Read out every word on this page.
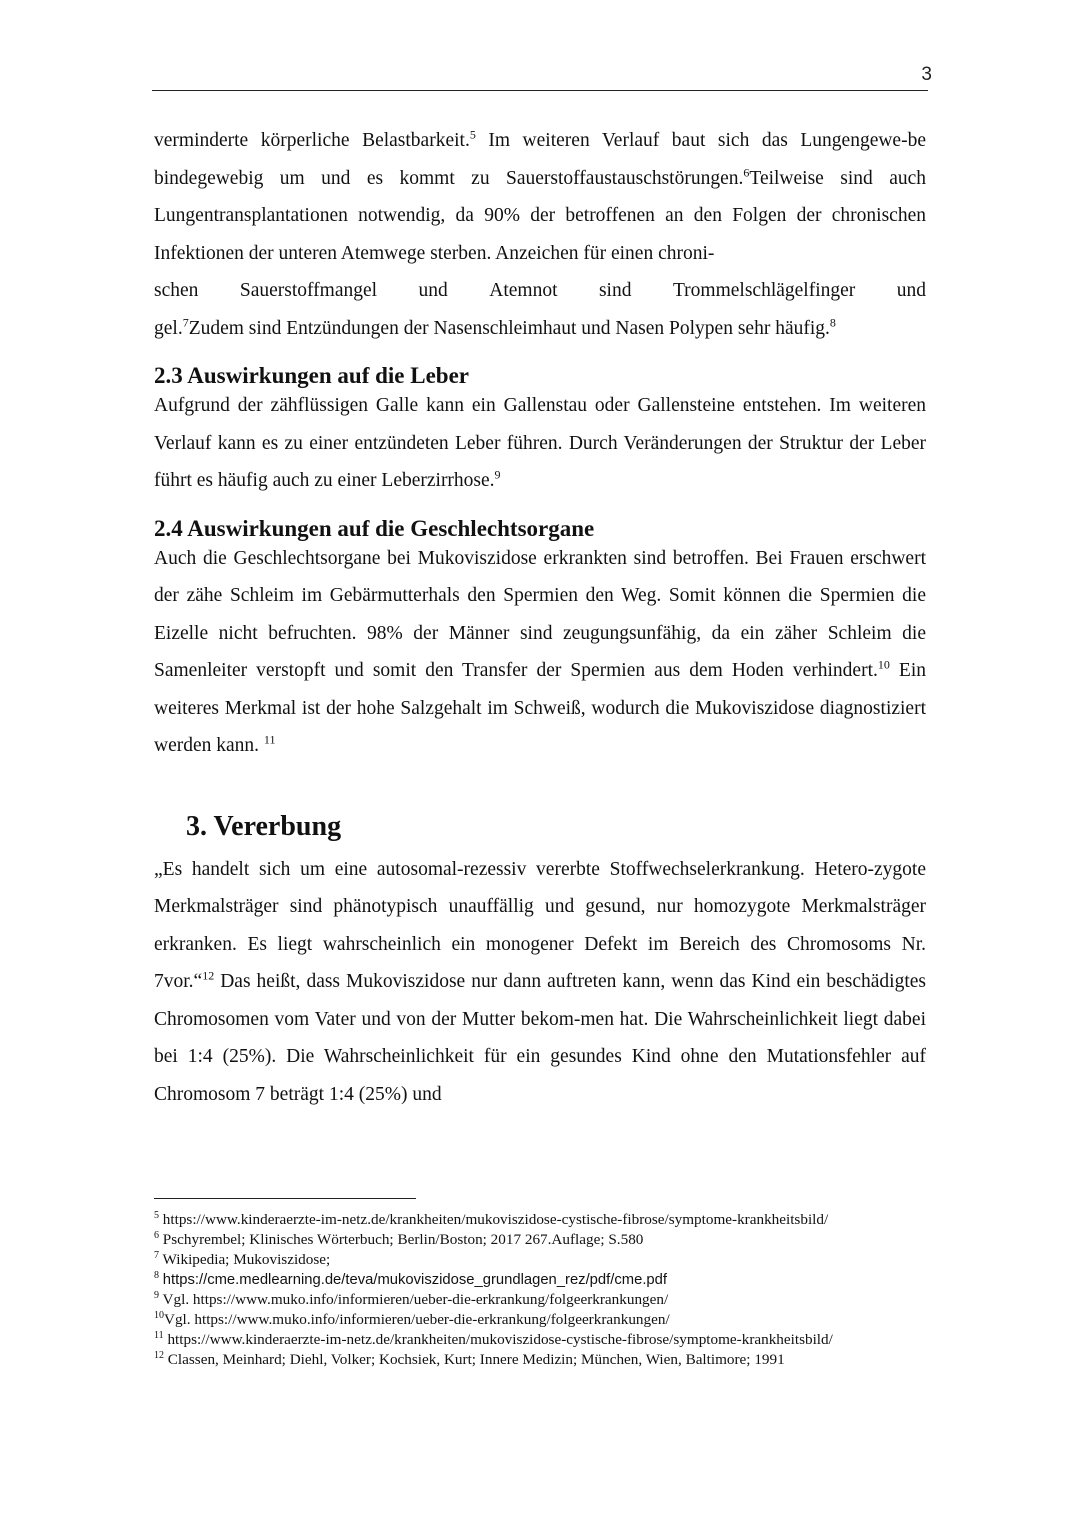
3

verminderte körperliche Belastbarkeit.$^5$ Im weiteren Verlauf baut sich das Lungengewe-be bindegewebig um und es kommt zu Sauerstoffaustauschstörungen.$^6$Teilweise sind auch Lungentransplantationen notwendig, da 90% der betroffenen an den Folgen der chronischen Infektionen der unteren Atemwege sterben. Anzeichen für einen chroni-

schen Sauerstoffmangel und Atemnot sind Trommelschlägelfinger und

gel.$^7$Zudem sind Entzündungen der Nasenschleimhaut und Nasen Polypen sehr häufig.$^8$

2.3 Auswirkungen auf die Leber

Aufgrund der zähflüssigen Galle kann ein Gallenstau oder Gallensteine entstehen. Im weiteren Verlauf kann es zu einer entzündeten Leber führen. Durch Veränderungen der Struktur der Leber führt es häufig auch zu einer Leberzirrhose.$^9$

2.4 Auswirkungen auf die Geschlechtsorgane

Auch die Geschlechtsorgane bei Mukoviszidose erkrankten sind betroffen. Bei Frauen erschwert der zähe Schleim im Gebärmutterhals den Spermien den Weg. Somit können die Spermien die Eizelle nicht befruchten. 98% der Männer sind zeugungsunfähig, da ein zäher Schleim die Samenleiter verstopft und somit den Transfer der Spermien aus dem Hoden verhindert.$^{10}$ Ein weiteres Merkmal ist der hohe Salzgehalt im Schweiß, wodurch die Mukoviszidose diagnostiziert werden kann. $^{11}$

3. Vererbung

„Es handelt sich um eine autosomal-rezessiv vererbte Stoffwechselerkrankung. Hetero-zygote Merkmalsträger sind phänotypisch unauffällig und gesund, nur homozygote Merkmalsträger erkranken. Es liegt wahrscheinlich ein monogener Defekt im Bereich des Chromosoms Nr. 7vor.“$^{12}$ Das heißt, dass Mukoviszidose nur dann auftreten kann, wenn das Kind ein beschädigtes Chromosomen vom Vater und von der Mutter bekom-men hat. Die Wahrscheinlichkeit liegt dabei bei 1:4 (25%). Die Wahrscheinlichkeit für ein gesundes Kind ohne den Mutationsfehler auf Chromosom 7 beträgt 1:4 (25%) und

$^5$ https://www.kinderaerzte-im-netz.de/krankheiten/mukoviszidose-cystische-fibrose/symptome-krankheitsbild/

$^6$ Pschyrembel; Klinisches Wörterbuch; Berlin/Boston; 2017 267.Auflage; S.580

$^7$ Wikipedia; Mukoviszidose;

$^8$ https://cme.medlearning.de/teva/mukoviszidose_grundlagen_rez/pdf/cme.pdf

$^9$ Vgl. https://www.muko.info/informieren/ueber-die-erkrankung/folgeerkrankungen/

$^{10}$Vgl. https://www.muko.info/informieren/ueber-die-erkrankung/folgeerkrankungen/

$^{11}$ https://www.kinderaerzte-im-netz.de/krankheiten/mukoviszidose-cystische-fibrose/symptome-krankheitsbild/

$^{12}$ Classen, Meinhard; Diehl, Volker; Kochsiek, Kurt; Innere Medizin; München, Wien, Baltimore; 1991
